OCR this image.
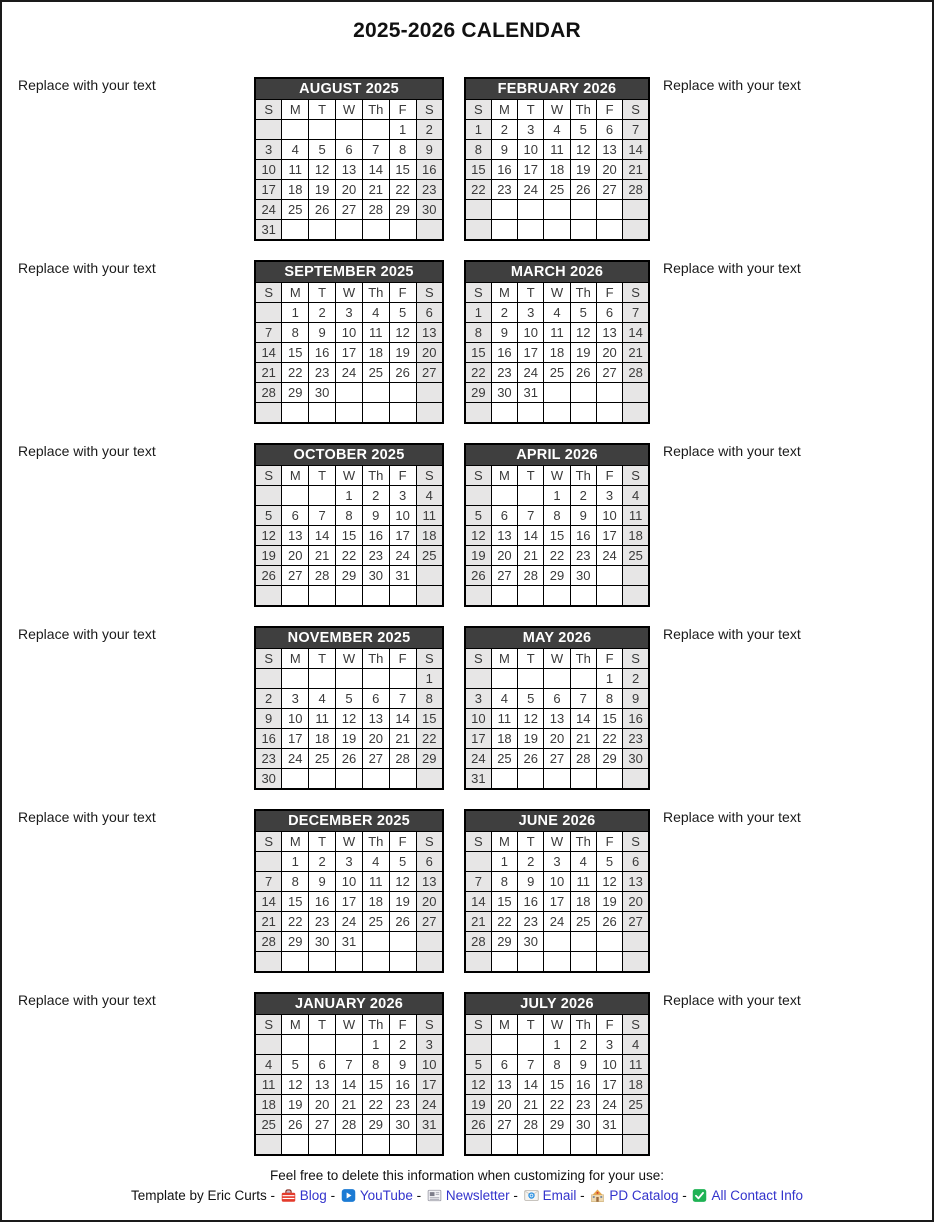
2025-2026 CALENDAR
Replace with your text	AUGUST 2025						
S	M	T	W	Th	F	S
					1	2
3	4	5	6	7	8	9
10	11	12	13	14	15	16
17	18	19	20	21	22	23
24	25	26	27	28	29	30
31						
FEBRUARY 2026						
S	M	T	W	Th	F	S
1	2	3	4	5	6	7
8	9	10	11	12	13	14
15	16	17	18	19	20	21
22	23	24	25	26	27	28

Replace with your text
Replace with your text	SEPTEMBER 2025						
S	M	T	W	Th	F	S
	1	2	3	4	5	6
7	8	9	10	11	12	13
14	15	16	17	18	19	20
21	22	23	24	25	26	27
28	29	30				

MARCH 2026						
S	M	T	W	Th	F	S
1	2	3	4	5	6	7
8	9	10	11	12	13	14
15	16	17	18	19	20	21
22	23	24	25	26	27	28
29	30	31				

Replace with your text
Replace with your text	OCTOBER 2025						
S	M	T	W	Th	F	S
			1	2	3	4
5	6	7	8	9	10	11
12	13	14	15	16	17	18
19	20	21	22	23	24	25
26	27	28	29	30	31	

APRIL 2026						
S	M	T	W	Th	F	S
			1	2	3	4
5	6	7	8	9	10	11
12	13	14	15	16	17	18
19	20	21	22	23	24	25
26	27	28	29	30		

Replace with your text
Replace with your text	NOVEMBER 2025						
S	M	T	W	Th	F	S
						1
2	3	4	5	6	7	8
9	10	11	12	13	14	15
16	17	18	19	20	21	22
23	24	25	26	27	28	29
30						
MAY 2026						
S	M	T	W	Th	F	S
					1	2
3	4	5	6	7	8	9
10	11	12	13	14	15	16
17	18	19	20	21	22	23
24	25	26	27	28	29	30
31						
Replace with your text
Replace with your text	DECEMBER 2025						
S	M	T	W	Th	F	S
	1	2	3	4	5	6
7	8	9	10	11	12	13
14	15	16	17	18	19	20
21	22	23	24	25	26	27
28	29	30	31			

JUNE 2026						
S	M	T	W	Th	F	S
	1	2	3	4	5	6
7	8	9	10	11	12	13
14	15	16	17	18	19	20
21	22	23	24	25	26	27
28	29	30				

Replace with your text
Replace with your text	JANUARY 2026						
S	M	T	W	Th	F	S
				1	2	3
4	5	6	7	8	9	10
11	12	13	14	15	16	17
18	19	20	21	22	23	24
25	26	27	28	29	30	31

JULY 2026						
S	M	T	W	Th	F	S
			1	2	3	4
5	6	7	8	9	10	11
12	13	14	15	16	17	18
19	20	21	22	23	24	25
26	27	28	29	30	31	

Replace with your text
Feel free to delete this information when customizing for your use:
Template by Eric Curts -
Blog -
YouTube -
Newsletter -
Email -
PD Catalog -
All Contact Info
